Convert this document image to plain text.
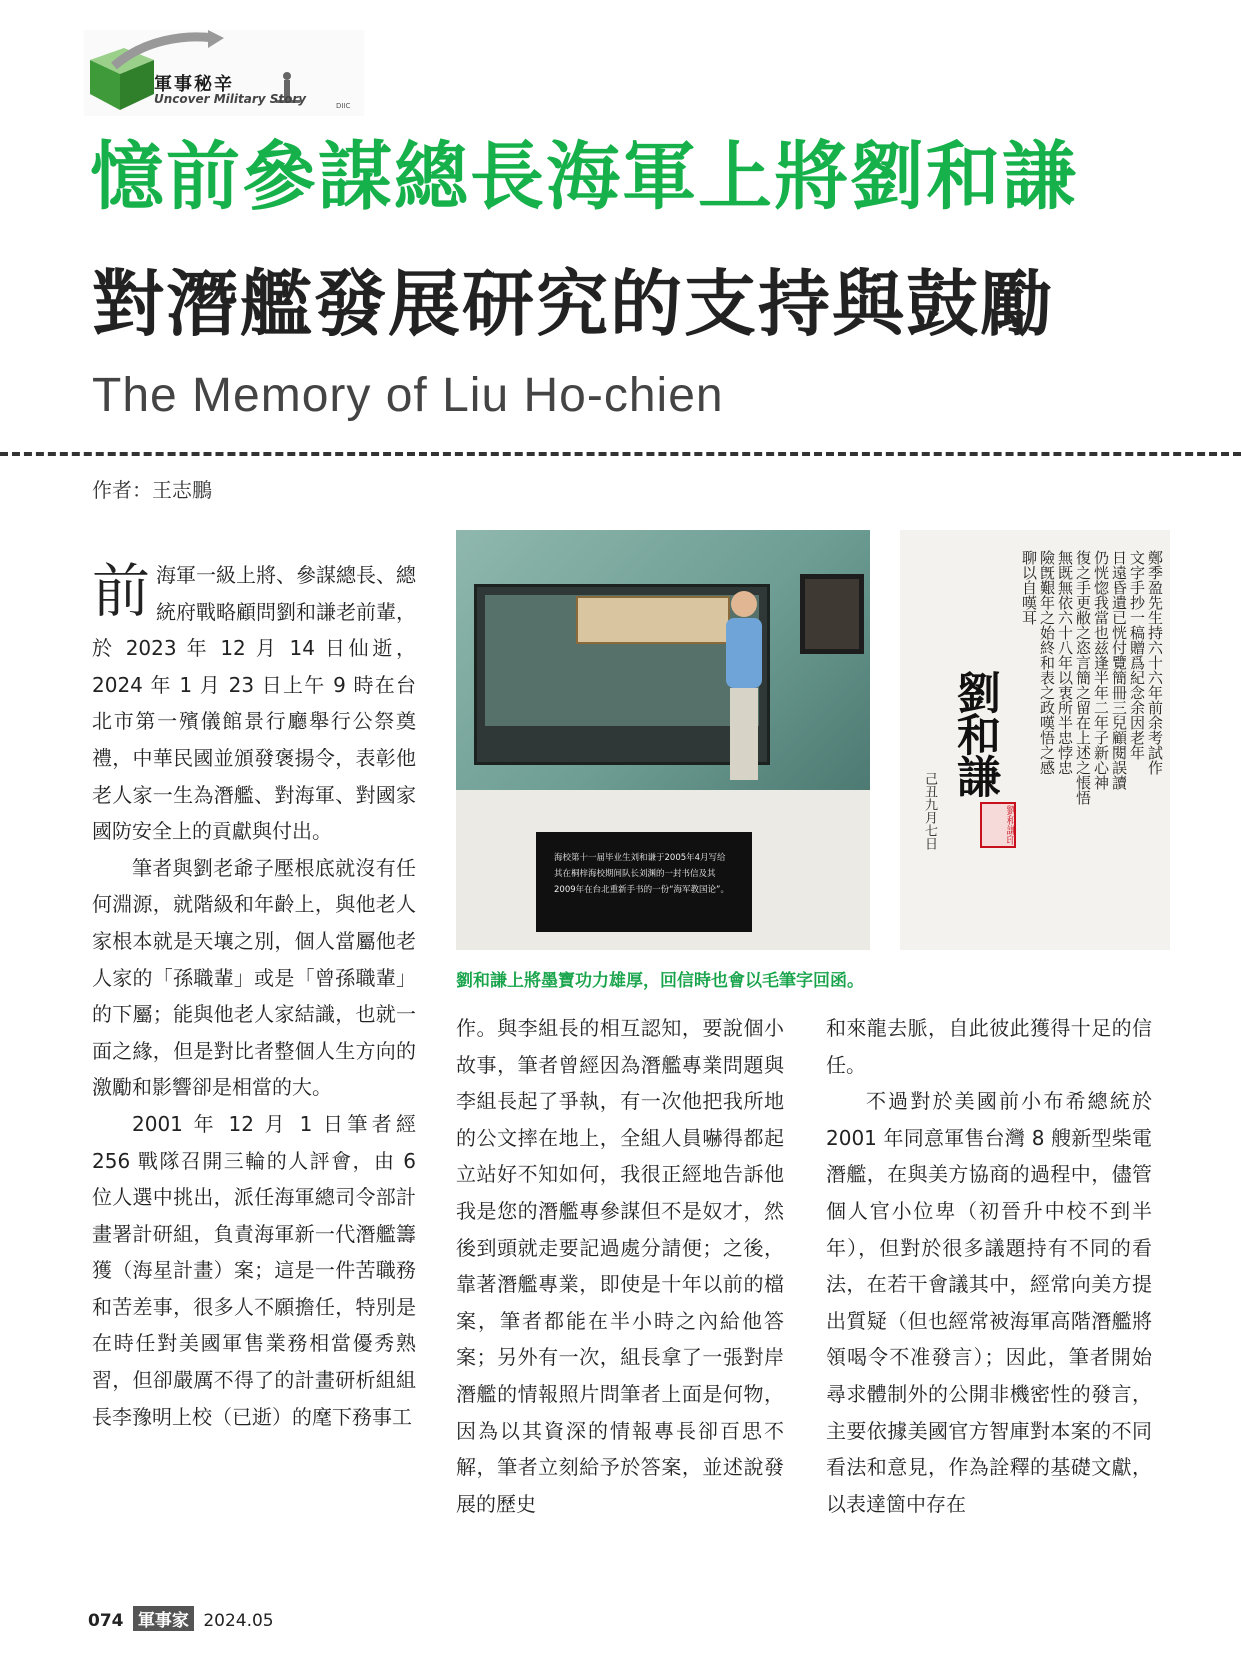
軍事秘辛
Uncover Military Story	DIIC
憶前參謀總長海軍上將劉和謙
對潛艦發展研究的支持與鼓勵
The Memory of Liu Ho-chien
作者：王志鵬
前 海軍一級上將、參謀總長、總統府戰略顧問劉和謙老前輩，於 2023 年 12 月 14 日仙逝，2024 年 1 月 23 日上午 9 時在台北市第一殯儀館景行廳舉行公祭奠禮，中華民國並頒發褒揚令，表彰他老人家一生為潛艦、對海軍、對國家國防安全上的貢獻與付出。

筆者與劉老爺子壓根底就沒有任何淵源，就階級和年齡上，與他老人家根本就是天壤之別，個人當屬他老人家的「孫職輩」或是「曾孫職輩」的下屬；能與他老人家結識，也就一面之緣，但是對比者整個人生方向的激勵和影響卻是相當的大。

2001 年 12 月 1 日筆者經 256 戰隊召開三輪的人評會，由 6 位人選中挑出，派任海軍總司令部計畫署計研組，負責海軍新一代潛艦籌獲（海星計畫）案；這是一件苦職務和苦差事，很多人不願擔任，特別是在時任對美國軍售業務相當優秀熟習，但卻嚴厲不得了的計畫研析組組長李豫明上校（已逝）的麾下務事工

海校第十一届毕业生刘和谦于2005年4月写给其在桐梓海校期间队长刘渊的一封书信及其2009年在台北重新手书的一份“海军教国论”。
鄭季盈先生持六十六年前余考試作
文字手抄一稿贈爲紀念余因老年
日遠昏遺已恍付覽簡冊三兒顧閱誤讀
仍恍惚我當也兹逢半年二年子新心神
復之手更敝之恣言簡之留在上述之悵悟
無既無依六十八年以衷所半忠悖忠
險旣艱年之始終和表之政嘆悟之感
聊以自嘆耳
劉和謙
己丑九月七日	劉和謙印
劉和謙上將墨寶功力雄厚，回信時也會以毛筆字回函。

作。與李組長的相互認知，要說個小故事，筆者曾經因為潛艦專業問題與李組長起了爭執，有一次他把我所地的公文摔在地上，全組人員嚇得都起立站好不知如何，我很正經地告訴他我是您的潛艦專參謀但不是奴才，然後到頭就走要記過處分請便；之後，靠著潛艦專業，即使是十年以前的檔案，筆者都能在半小時之內給他答案；另外有一次，組長拿了一張對岸潛艦的情報照片問筆者上面是何物，因為以其資深的情報專長卻百思不解，筆者立刻給予於答案，並述說發展的歷史

和來龍去脈，自此彼此獲得十足的信任。

不過對於美國前小布希總統於 2001 年同意軍售台灣 8 艘新型柴電潛艦，在與美方協商的過程中，儘管個人官小位卑（初晉升中校不到半年），但對於很多議題持有不同的看法，在若干會議其中，經常向美方提出質疑（但也經常被海軍高階潛艦將領喝令不准發言）；因此，筆者開始尋求體制外的公開非機密性的發言，主要依據美國官方智庫對本案的不同看法和意見，作為詮釋的基礎文獻，以表達箇中存在

074 軍事家 2024.05
